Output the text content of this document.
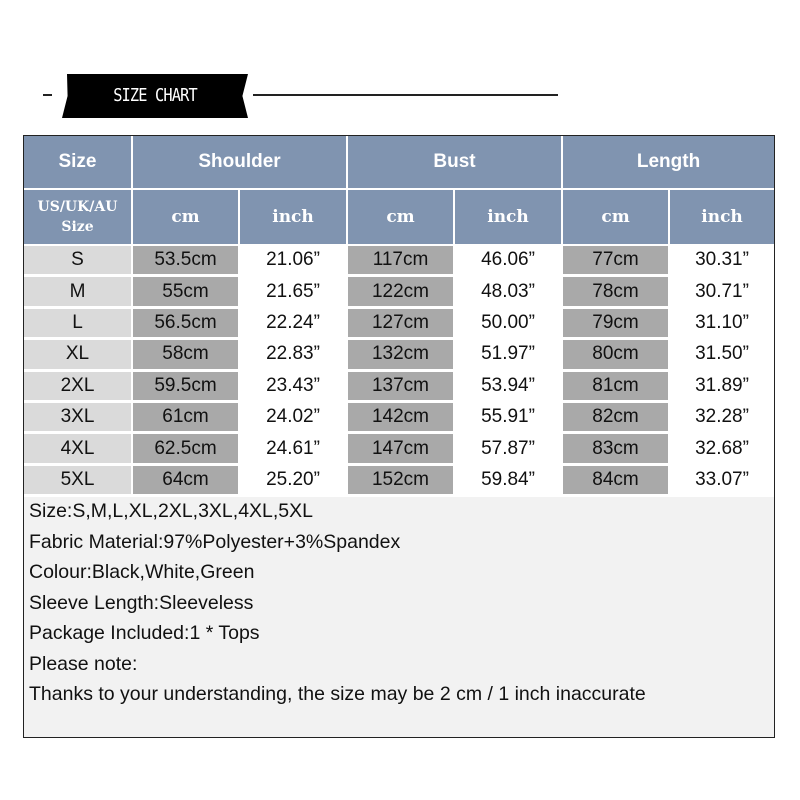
SIZE CHART
Size	Shoulder		Bust		Length	

US/UK/AU
Size	cm	inch	cm	inch	cm	inch
S	53.5cm	21.06”	117cm	46.06”	77cm	30.31”
M	55cm	21.65”	122cm	48.03”	78cm	30.71”
L	56.5cm	22.24”	127cm	50.00”	79cm	31.10”
XL	58cm	22.83”	132cm	51.97”	80cm	31.50”
2XL	59.5cm	23.43”	137cm	53.94”	81cm	31.89”
3XL	61cm	24.02”	142cm	55.91”	82cm	32.28”
4XL	62.5cm	24.61”	147cm	57.87”	83cm	32.68”
5XL	64cm	25.20”	152cm	59.84”	84cm	33.07”
Size:S,M,L,XL,2XL,3XL,4XL,5XL
Fabric Material:97%Polyester+3%Spandex
Colour:Black,White,Green
Sleeve Length:Sleeveless
Package Included:1 * Tops
Please note:
Thanks to your understanding, the size may be 2 cm / 1 inch inaccurate
